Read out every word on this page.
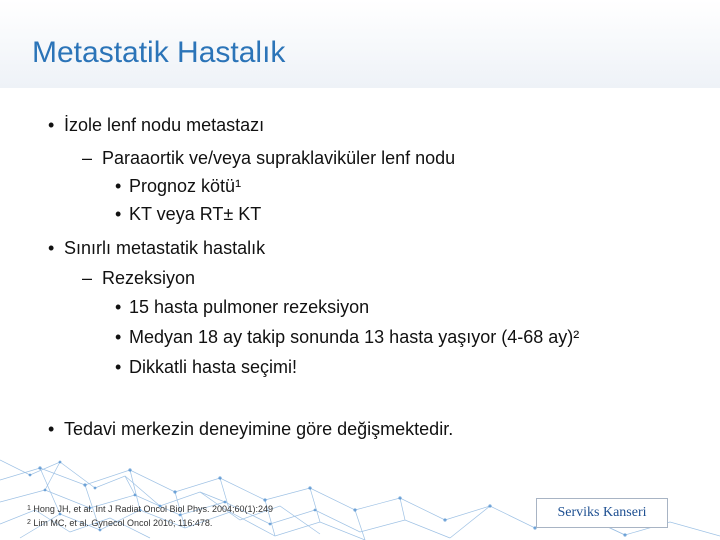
Metastatik Hastalık
• İzole lenf nodu metastazı
– Paraaortik ve/veya supraklaviküler lenf nodu
• Prognoz kötü¹
• KT veya RT± KT
• Sınırlı metastatik hastalık
– Rezeksiyon
• 15 hasta pulmoner rezeksiyon
• Medyan 18 ay takip sonunda 13 hasta yaşıyor (4-68 ay)²
• Dikkatli hasta seçimi!
• Tedavi merkezin deneyimine göre değişmektedir.
$^1$ Hong JH, et al. Int J Radiat Oncol Biol Phys. 2004;60(1):249
$^2$ Lim MC, et al. Gynecol Oncol 2010; 116:478.
Serviks Kanseri
